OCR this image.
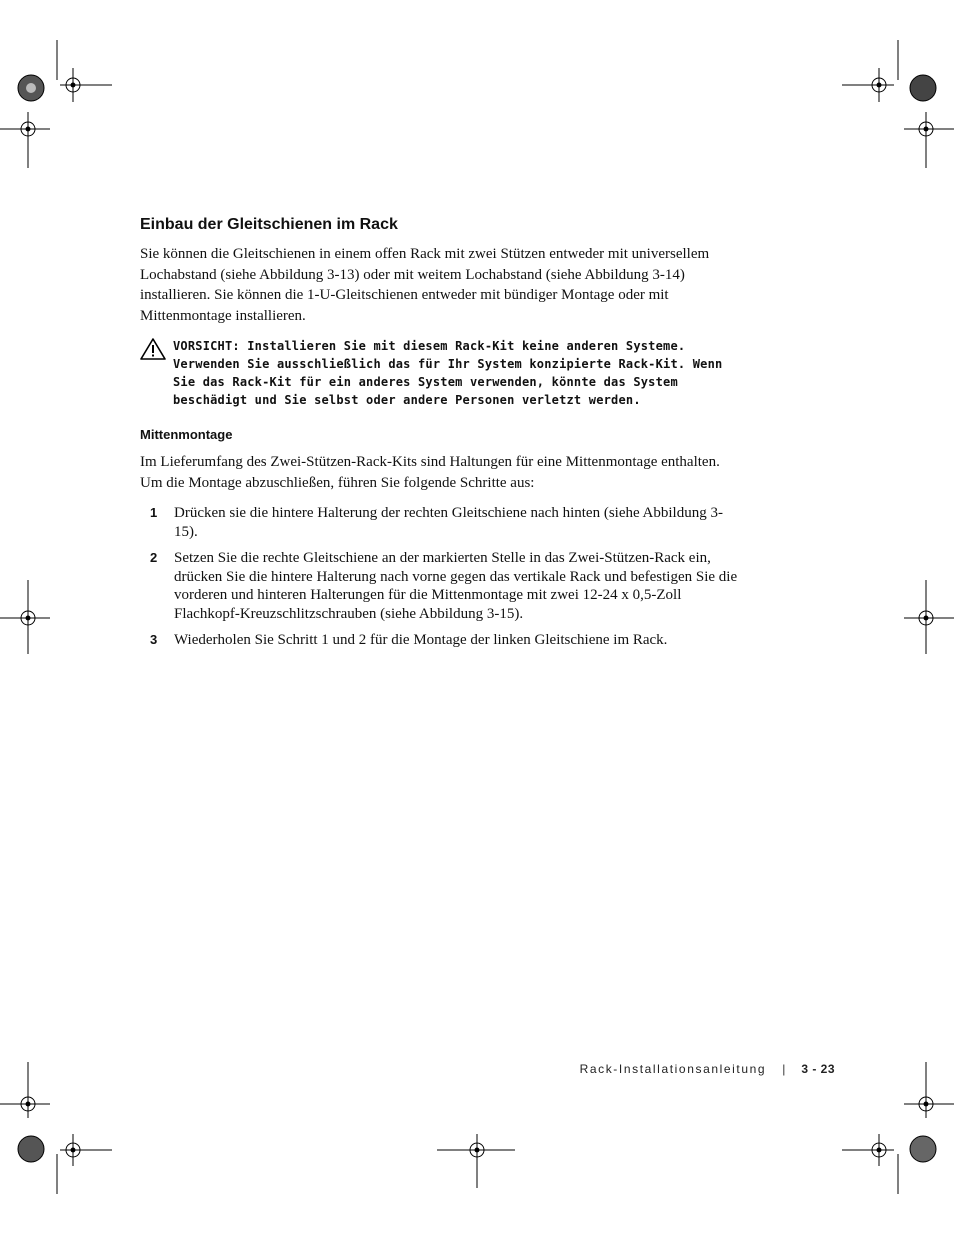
Einbau der Gleitschienen im Rack

Sie können die Gleitschienen in einem offen Rack mit zwei Stützen entweder mit universellem Lochabstand (siehe Abbildung 3-13) oder mit weitem Lochabstand (siehe Abbildung 3-14) installieren. Sie können die 1-U-Gleitschienen entweder mit bündiger Montage oder mit Mittenmontage installieren.

VORSICHT: Installieren Sie mit diesem Rack-Kit keine anderen Systeme. Verwenden Sie ausschließlich das für Ihr System konzipierte Rack-Kit. Wenn Sie das Rack-Kit für ein anderes System verwenden, könnte das System beschädigt und Sie selbst oder andere Personen verletzt werden.

Mittenmontage

Im Lieferumfang des Zwei-Stützen-Rack-Kits sind Haltungen für eine Mittenmontage enthalten. Um die Montage abzuschließen, führen Sie folgende Schritte aus:

1 Drücken sie die hintere Halterung der rechten Gleitschiene nach hinten (siehe Abbildung 3-15).
2 Setzen Sie die rechte Gleitschiene an der markierten Stelle in das Zwei-Stützen-Rack ein, drücken Sie die hintere Halterung nach vorne gegen das vertikale Rack und befestigen Sie die vorderen und hinteren Halterungen für die Mittenmontage mit zwei 12-24 x 0,5-Zoll Flachkopf-Kreuzschlitzschrauben (siehe Abbildung 3-15).
3 Wiederholen Sie Schritt 1 und 2 für die Montage der linken Gleitschiene im Rack.
Rack-Installationsanleitung | 3 - 23
